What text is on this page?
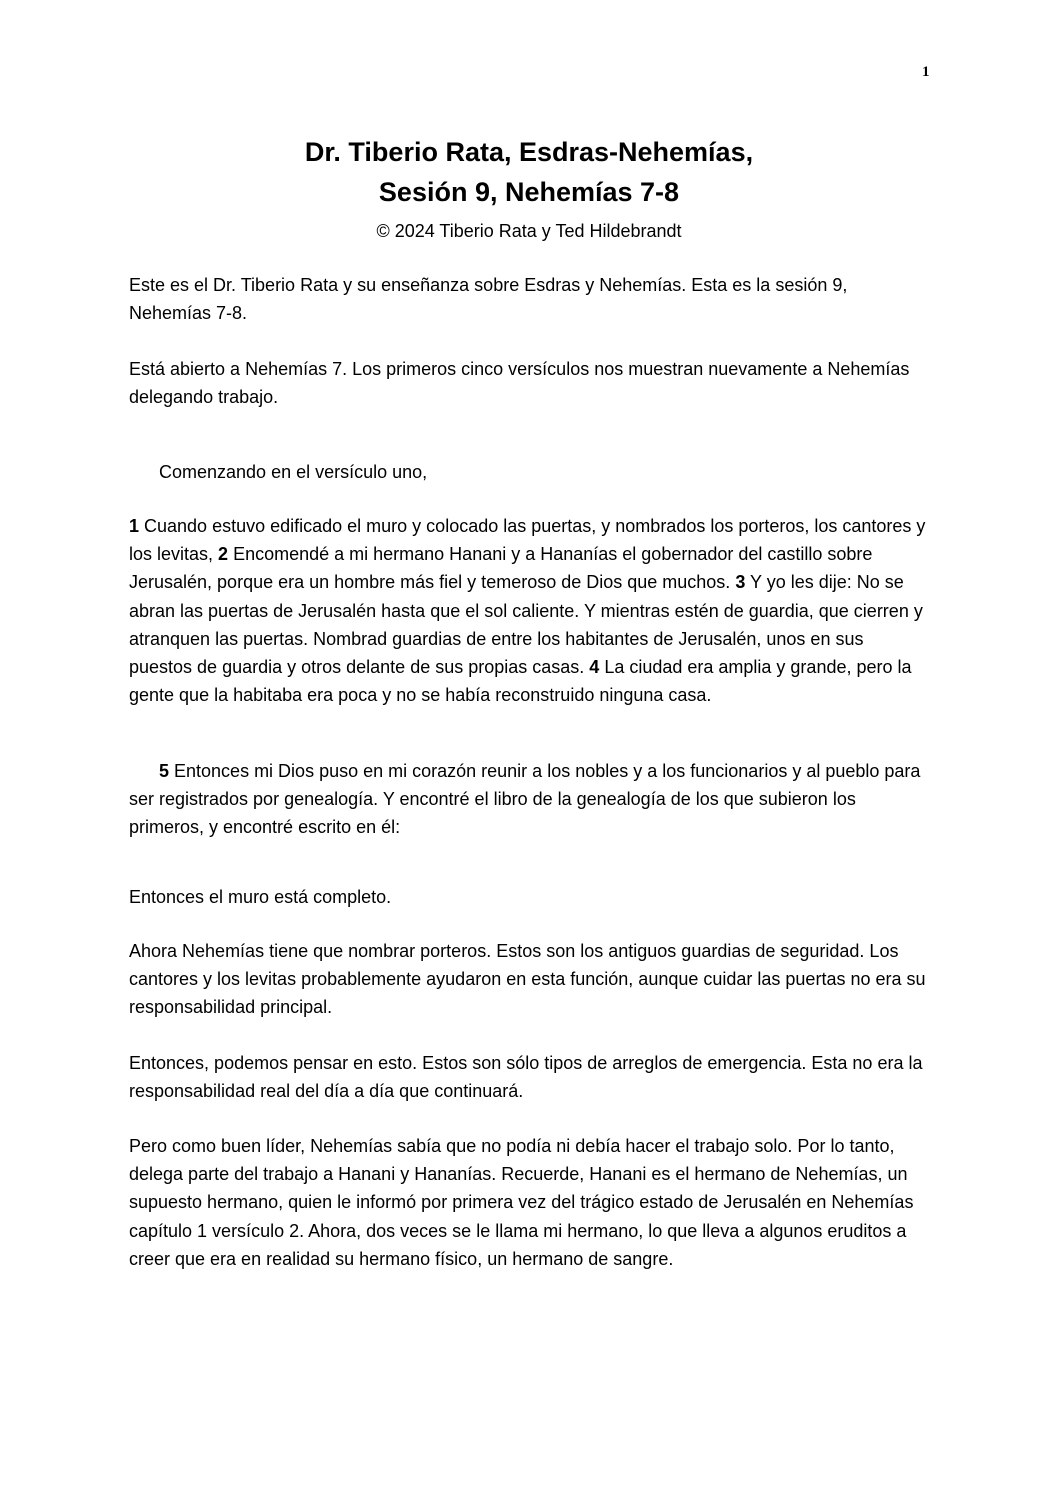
1
Dr. Tiberio Rata, Esdras-Nehemías,
Sesión 9, Nehemías 7-8
© 2024 Tiberio Rata y Ted Hildebrandt

Este es el Dr. Tiberio Rata y su enseñanza sobre Esdras y Nehemías. Esta es la sesión 9, Nehemías 7-8.

Está abierto a Nehemías 7. Los primeros cinco versículos nos muestran nuevamente a Nehemías delegando trabajo.

Comenzando en el versículo uno,

1 Cuando estuvo edificado el muro y colocado las puertas, y nombrados los porteros, los cantores y los levitas, 2 Encomendé a mi hermano Hanani y a Hananías el gobernador del castillo sobre Jerusalén, porque era un hombre más fiel y temeroso de Dios que muchos. 3 Y yo les dije: No se abran las puertas de Jerusalén hasta que el sol caliente. Y mientras estén de guardia, que cierren y atranquen las puertas. Nombrad guardias de entre los habitantes de Jerusalén, unos en sus puestos de guardia y otros delante de sus propias casas. 4 La ciudad era amplia y grande, pero la gente que la habitaba era poca y no se había reconstruido ninguna casa.

5 Entonces mi Dios puso en mi corazón reunir a los nobles y a los funcionarios y al pueblo para ser registrados por genealogía. Y encontré el libro de la genealogía de los que subieron los primeros, y encontré escrito en él:

Entonces el muro está completo.

Ahora Nehemías tiene que nombrar porteros. Estos son los antiguos guardias de seguridad. Los cantores y los levitas probablemente ayudaron en esta función, aunque cuidar las puertas no era su responsabilidad principal.

Entonces, podemos pensar en esto. Estos son sólo tipos de arreglos de emergencia. Esta no era la responsabilidad real del día a día que continuará.

Pero como buen líder, Nehemías sabía que no podía ni debía hacer el trabajo solo. Por lo tanto, delega parte del trabajo a Hanani y Hananías. Recuerde, Hanani es el hermano de Nehemías, un supuesto hermano, quien le informó por primera vez del trágico estado de Jerusalén en Nehemías capítulo 1 versículo 2. Ahora, dos veces se le llama mi hermano, lo que lleva a algunos eruditos a creer que era en realidad su hermano físico, un hermano de sangre.
